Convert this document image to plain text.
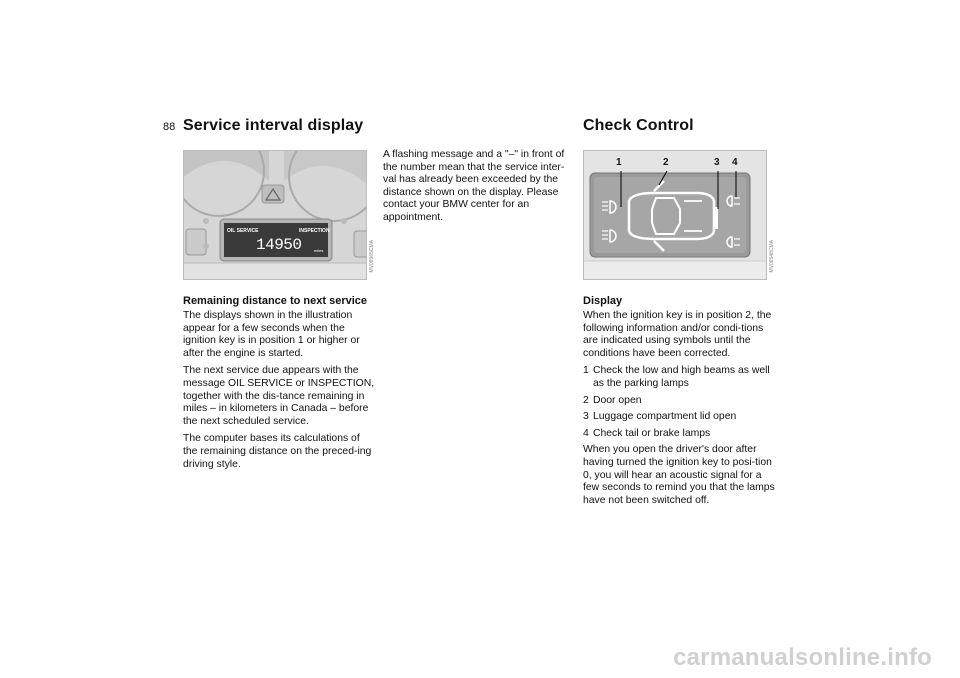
88 Service interval display	Check Control
OIL SERVICE	INSPECTION
14950	miles	MV09965CMA
Remaining distance to next service

The displays shown in the illustration appear for a few seconds when the ignition key is in position 1 or higher or after the engine is started.

The next service due appears with the message OIL SERVICE or INSPECTION, together with the dis-tance remaining in miles – in kilometers in Canada – before the next scheduled service.

The computer bases its calculations of the remaining distance on the preced-ing driving style.

A flashing message and a "–" in front of the number mean that the service inter-val has already been exceeded by the distance shown on the display. Please contact your BMW center for an appointment.
1	2	3 4
MV06548CMA
Display

When the ignition key is in position 2, the following information and/or condi-tions are indicated using symbols until the conditions have been corrected.

1 Check the low and high beams as well as the parking lamps
2 Door open
3 Luggage compartment lid open
4 Check tail or brake lamps

When you open the driver's door after having turned the ignition key to posi-tion 0, you will hear an acoustic signal for a few seconds to remind you that the lamps have not been switched off.

carmanualsonline.info
